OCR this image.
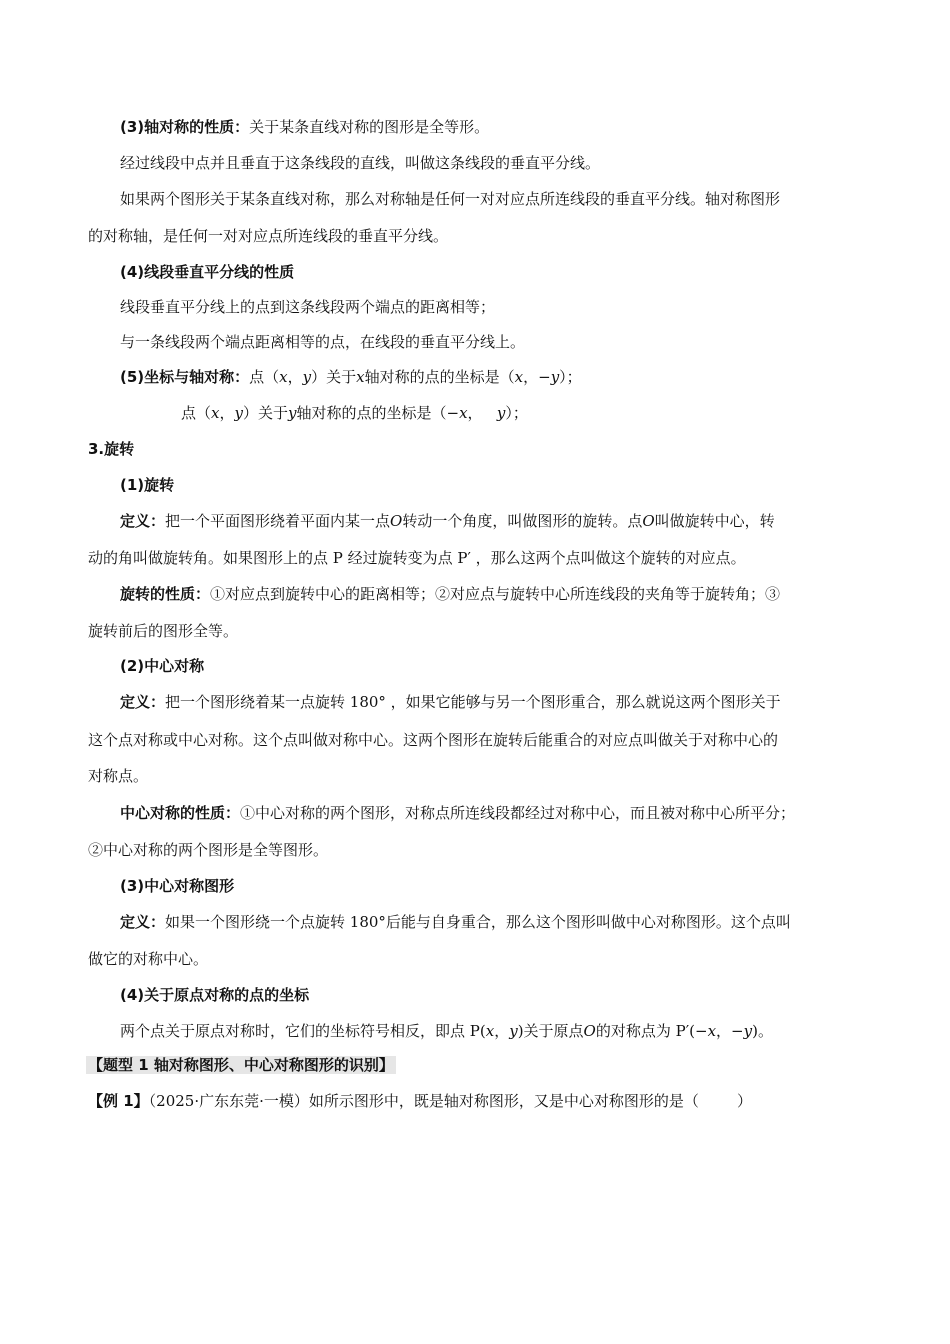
(3)轴对称的性质：关于某条直线对称的图形是全等形。
经过线段中点并且垂直于这条线段的直线，叫做这条线段的垂直平分线。
如果两个图形关于某条直线对称，那么对称轴是任何一对对应点所连线段的垂直平分线。轴对称图形
的对称轴，是任何一对对应点所连线段的垂直平分线。
(4)线段垂直平分线的性质
线段垂直平分线上的点到这条线段两个端点的距离相等；
与一条线段两个端点距离相等的点，在线段的垂直平分线上。
(5)坐标与轴对称：点（x，y）关于x轴对称的点的坐标是（x，−y）；
点（x，y）关于y轴对称的点的坐标是（−x，   y）；
3.旋转
(1)旋转
定义：把一个平面图形绕着平面内某一点O转动一个角度，叫做图形的旋转。点O叫做旋转中心，转
动的角叫做旋转角。如果图形上的点 P 经过旋转变为点 P′ ，那么这两个点叫做这个旋转的对应点。
旋转的性质：①对应点到旋转中心的距离相等；②对应点与旋转中心所连线段的夹角等于旋转角；③
旋转前后的图形全等。
(2)中心对称
定义：把一个图形绕着某一点旋转 180° ，如果它能够与另一个图形重合，那么就说这两个图形关于
这个点对称或中心对称。这个点叫做对称中心。这两个图形在旋转后能重合的对应点叫做关于对称中心的
对称点。
中心对称的性质：①中心对称的两个图形，对称点所连线段都经过对称中心，而且被对称中心所平分；
②中心对称的两个图形是全等图形。
(3)中心对称图形
定义：如果一个图形绕一个点旋转 180°后能与自身重合，那么这个图形叫做中心对称图形。这个点叫
做它的对称中心。
(4)关于原点对称的点的坐标
两个点关于原点对称时，它们的坐标符号相反，即点 P(x，y)关于原点O的对称点为 P′(−x，−y)。
【题型 1 轴对称图形、中心对称图形的识别】
【例 1】（2025·广东东莞·一模）如所示图形中，既是轴对称图形，又是中心对称图形的是（        ）
